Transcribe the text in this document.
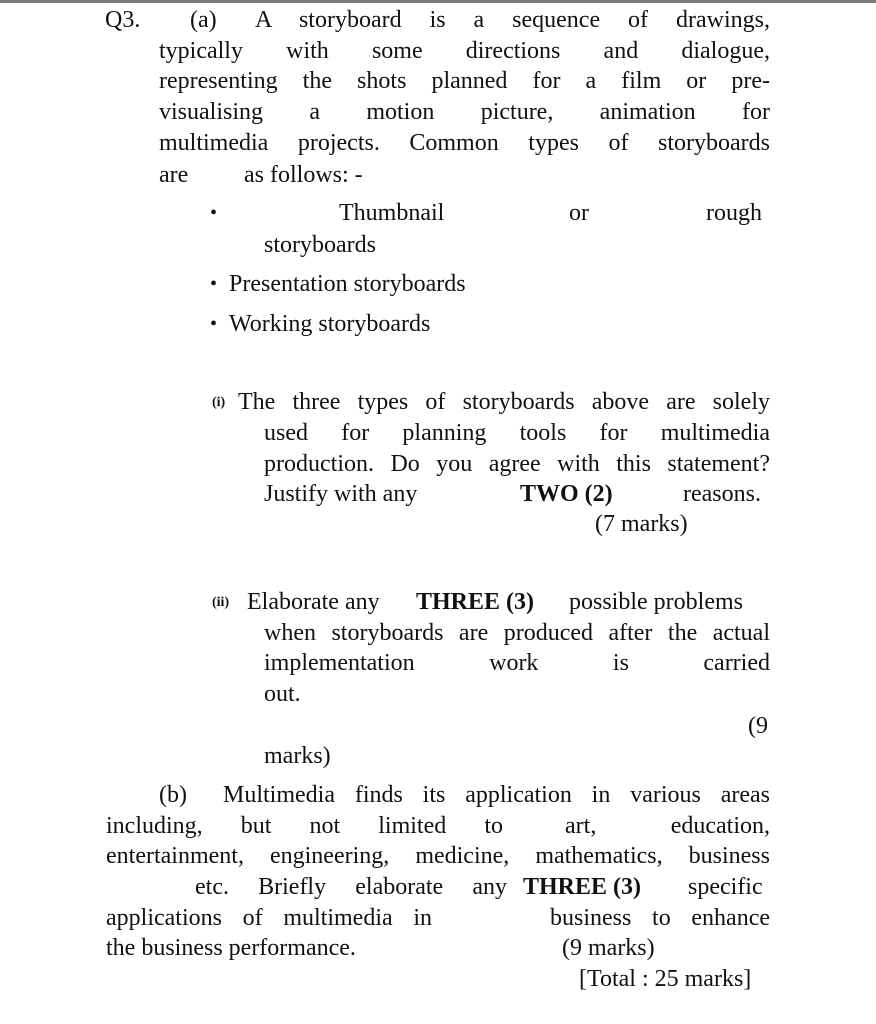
Q3. (a) A storyboard is a sequence of drawings,
typically with some directions and dialogue,
representing the shots planned for a film or pre-
visualising a motion picture, animation for
multimedia projects. Common types of storyboards
are as follows: -
•	Thumbnail	or	rough
storyboards
• Presentation storyboards
• Working storyboards
(i) The three types of storyboards above are solely
used for planning tools for multimedia
production. Do you agree with this statement?
Justify with any	TWO (2)	reasons.
(7 marks)
(ii) Elaborate any THREE (3) possible problems
when storyboards are produced after the actual
implementation work is carried
out.
(9
marks)
(b) Multimedia finds its application in various areas
including, but not limited to	art, education,
entertainment, engineering, medicine, mathematics, business
etc. Briefly elaborate any THREE (3) specific
applications of multimedia in	business to enhance
the business performance.	(9 marks)
[Total : 25 marks]
